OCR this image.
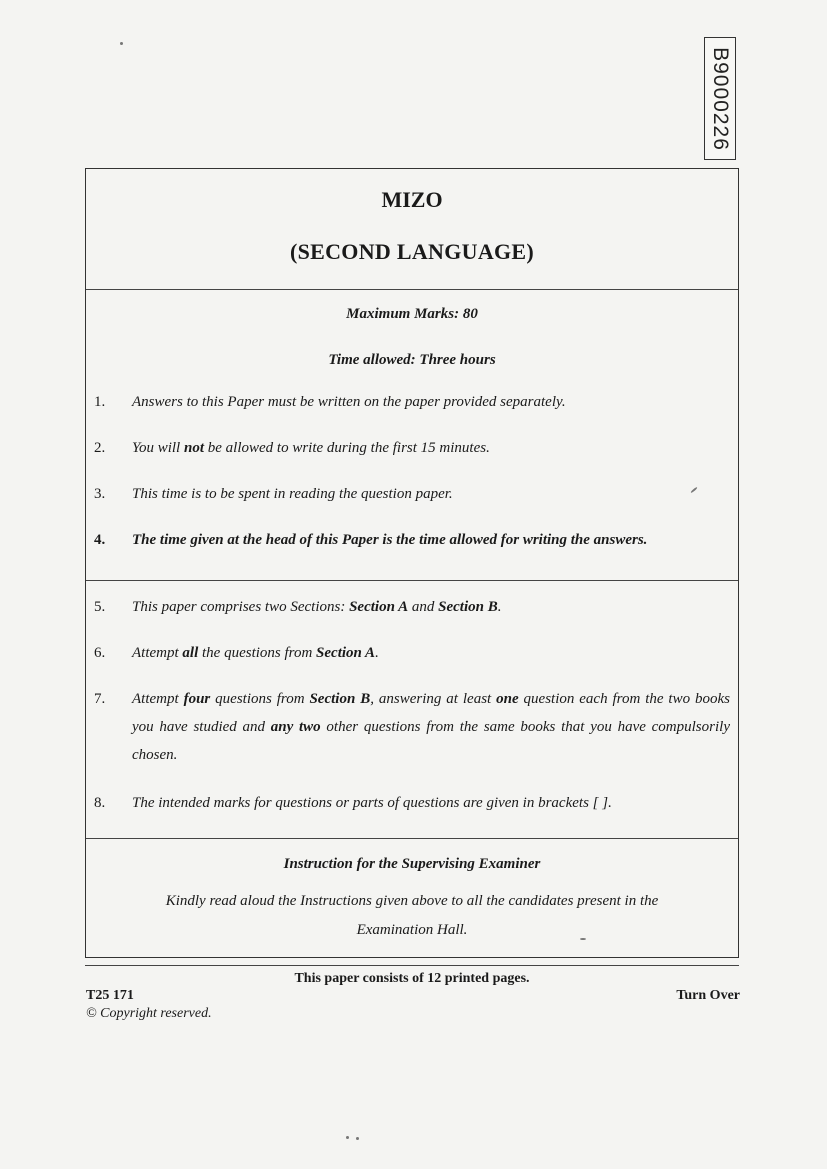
B9000226
MIZO
(SECOND LANGUAGE)
Maximum Marks: 80
Time allowed: Three hours
1. Answers to this Paper must be written on the paper provided separately.
2. You will not be allowed to write during the first 15 minutes.
3. This time is to be spent in reading the question paper.
4. The time given at the head of this Paper is the time allowed for writing the answers.
5. This paper comprises two Sections: Section A and Section B.
6. Attempt all the questions from Section A.
7. Attempt four questions from Section B, answering at least one question each from the two books you have studied and any two other questions from the same books that you have compulsorily chosen.
8. The intended marks for questions or parts of questions are given in brackets [ ].
Instruction for the Supervising Examiner
Kindly read aloud the Instructions given above to all the candidates present in the
Examination Hall.
This paper consists of 12 printed pages.
T25 171
© Copyright reserved.
Turn Over
